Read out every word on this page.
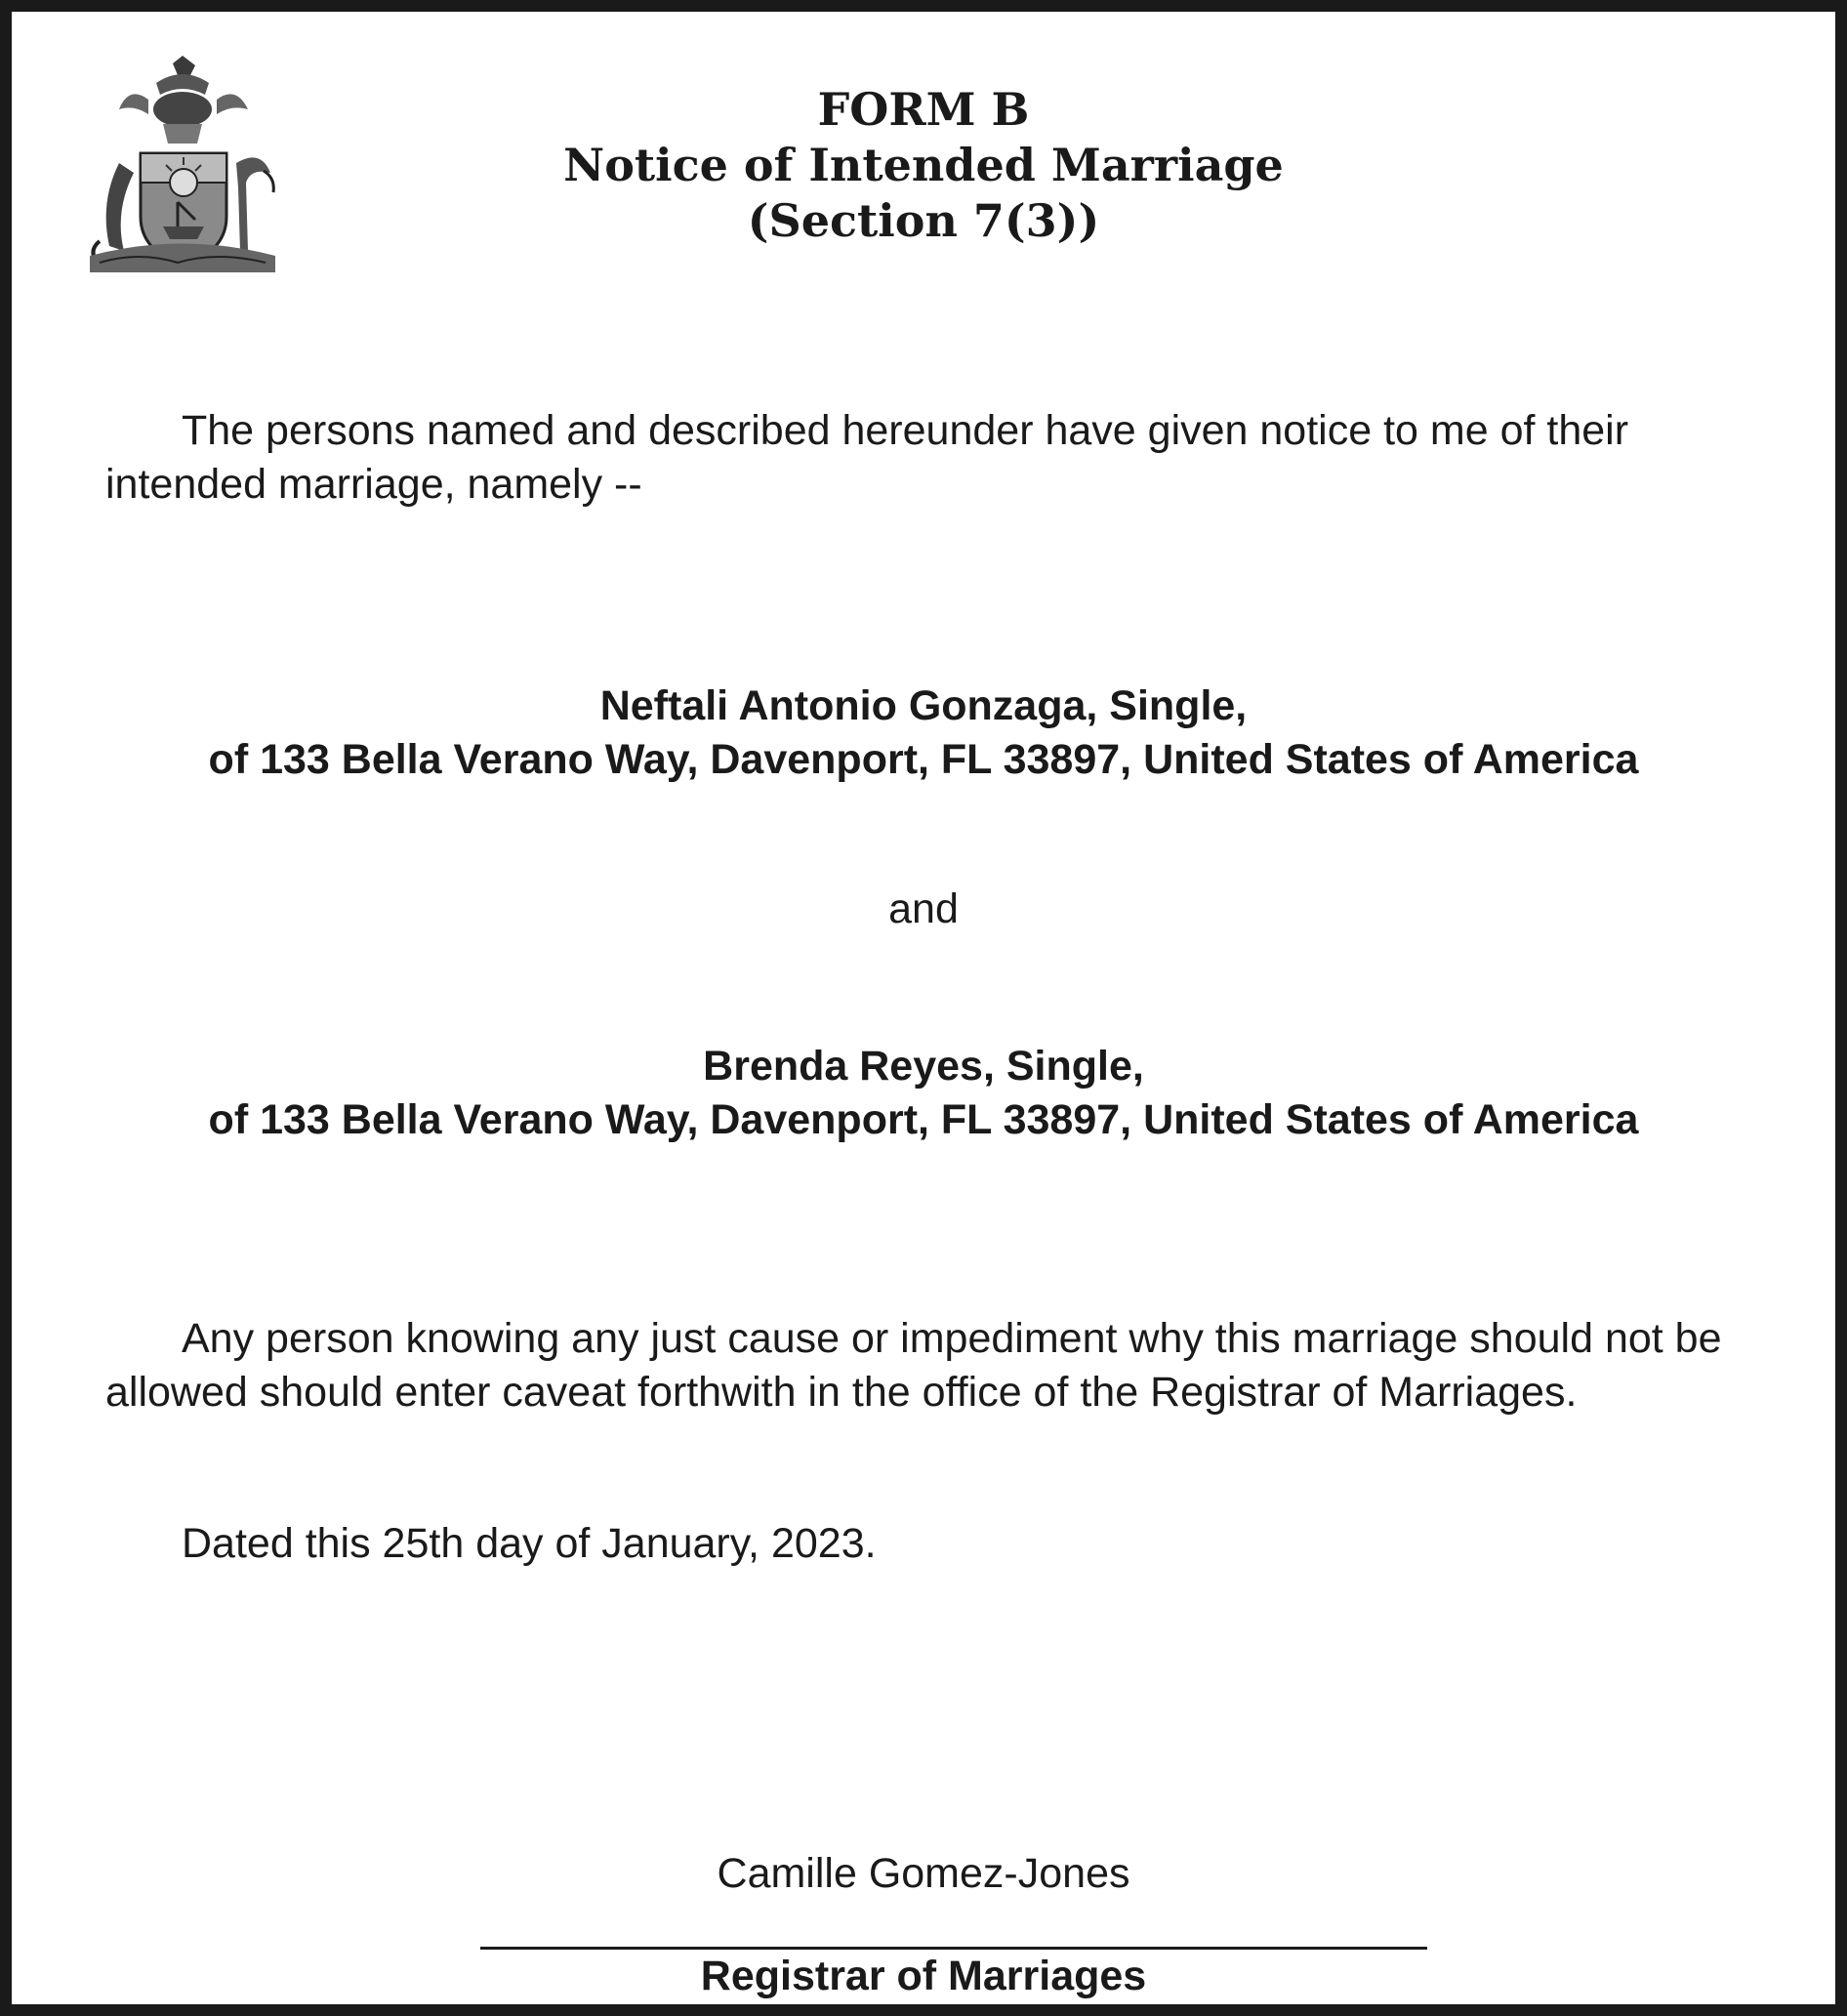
FORM B
Notice of Intended Marriage
(Section 7(3))

The persons named and described hereunder have given notice to me of their intended marriage, namely --

Neftali Antonio Gonzaga, Single,
of 133 Bella Verano Way, Davenport, FL 33897, United States of America
and
Brenda Reyes, Single,
of 133 Bella Verano Way, Davenport, FL 33897, United States of America

Any person knowing any just cause or impediment why this marriage should not be allowed should enter caveat forthwith in the office of the Registrar of Marriages.

Dated this 25th day of January, 2023.

Camille Gomez-Jones
Registrar of Marriages
